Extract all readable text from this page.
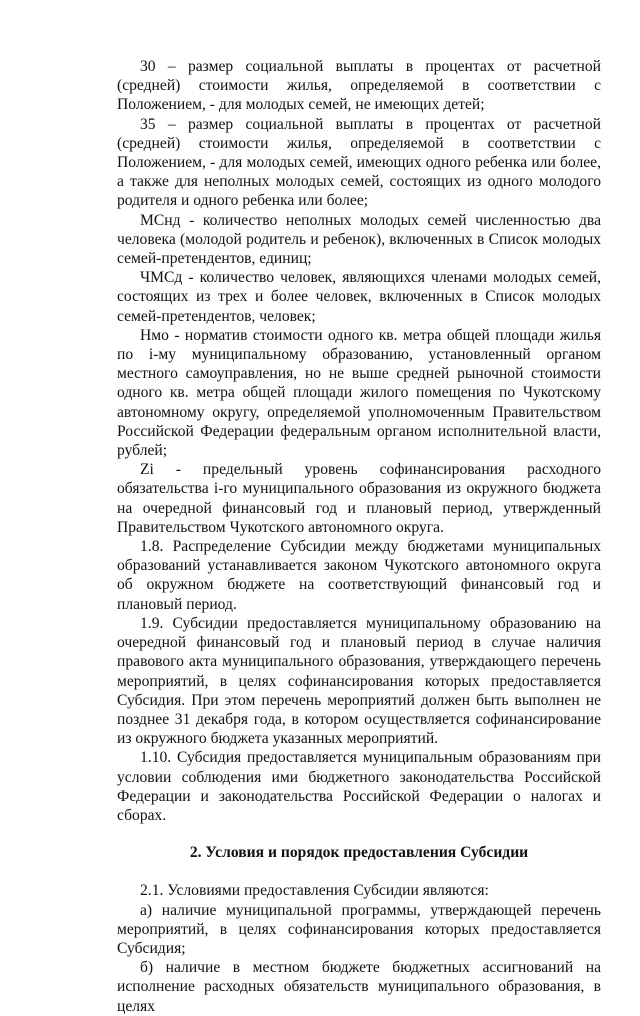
30 – размер социальной выплаты в процентах от расчетной (средней) стоимости жилья, определяемой в соответствии с Положением, - для молодых семей, не имеющих детей;

35 – размер социальной выплаты в процентах от расчетной (средней) стоимости жилья, определяемой в соответствии с Положением, - для молодых семей, имеющих одного ребенка или более, а также для неполных молодых семей, состоящих из одного молодого родителя и одного ребенка или более;

МСнд - количество неполных молодых семей численностью два человека (молодой родитель и ребенок), включенных в Список молодых семей-претендентов, единиц;

ЧМСд - количество человек, являющихся членами молодых семей, состоящих из трех и более человек, включенных в Список молодых семей-претендентов, человек;

Нмо - норматив стоимости одного кв. метра общей площади жилья по i-му муниципальному образованию, установленный органом местного самоуправления, но не выше средней рыночной стоимости одного кв. метра общей площади жилого помещения по Чукотскому автономному округу, определяемой уполномоченным Правительством Российской Федерации федеральным органом исполнительной власти, рублей;

Zi - предельный уровень софинансирования расходного обязательства i-го муниципального образования из окружного бюджета на очередной финансовый год и плановый период, утвержденный Правительством Чукотского автономного округа.

1.8. Распределение Субсидии между бюджетами муниципальных образований устанавливается законом Чукотского автономного округа об окружном бюджете на соответствующий финансовый год и плановый период.

1.9. Субсидии предоставляется муниципальному образованию на очередной финансовый год и плановый период в случае наличия правового акта муниципального образования, утверждающего перечень мероприятий, в целях софинансирования которых предоставляется Субсидия. При этом перечень мероприятий должен быть выполнен не позднее 31 декабря года, в котором осуществляется софинансирование из окружного бюджета указанных мероприятий.

1.10. Субсидия предоставляется муниципальным образованиям при условии соблюдения ими бюджетного законодательства Российской Федерации и законодательства Российской Федерации о налогах и сборах.

2. Условия и порядок предоставления Субсидии

2.1. Условиями предоставления Субсидии являются:

а) наличие муниципальной программы, утверждающей перечень мероприятий, в целях софинансирования которых предоставляется Субсидия;

б) наличие в местном бюджете бюджетных ассигнований на исполнение расходных обязательств муниципального образования, в целях
